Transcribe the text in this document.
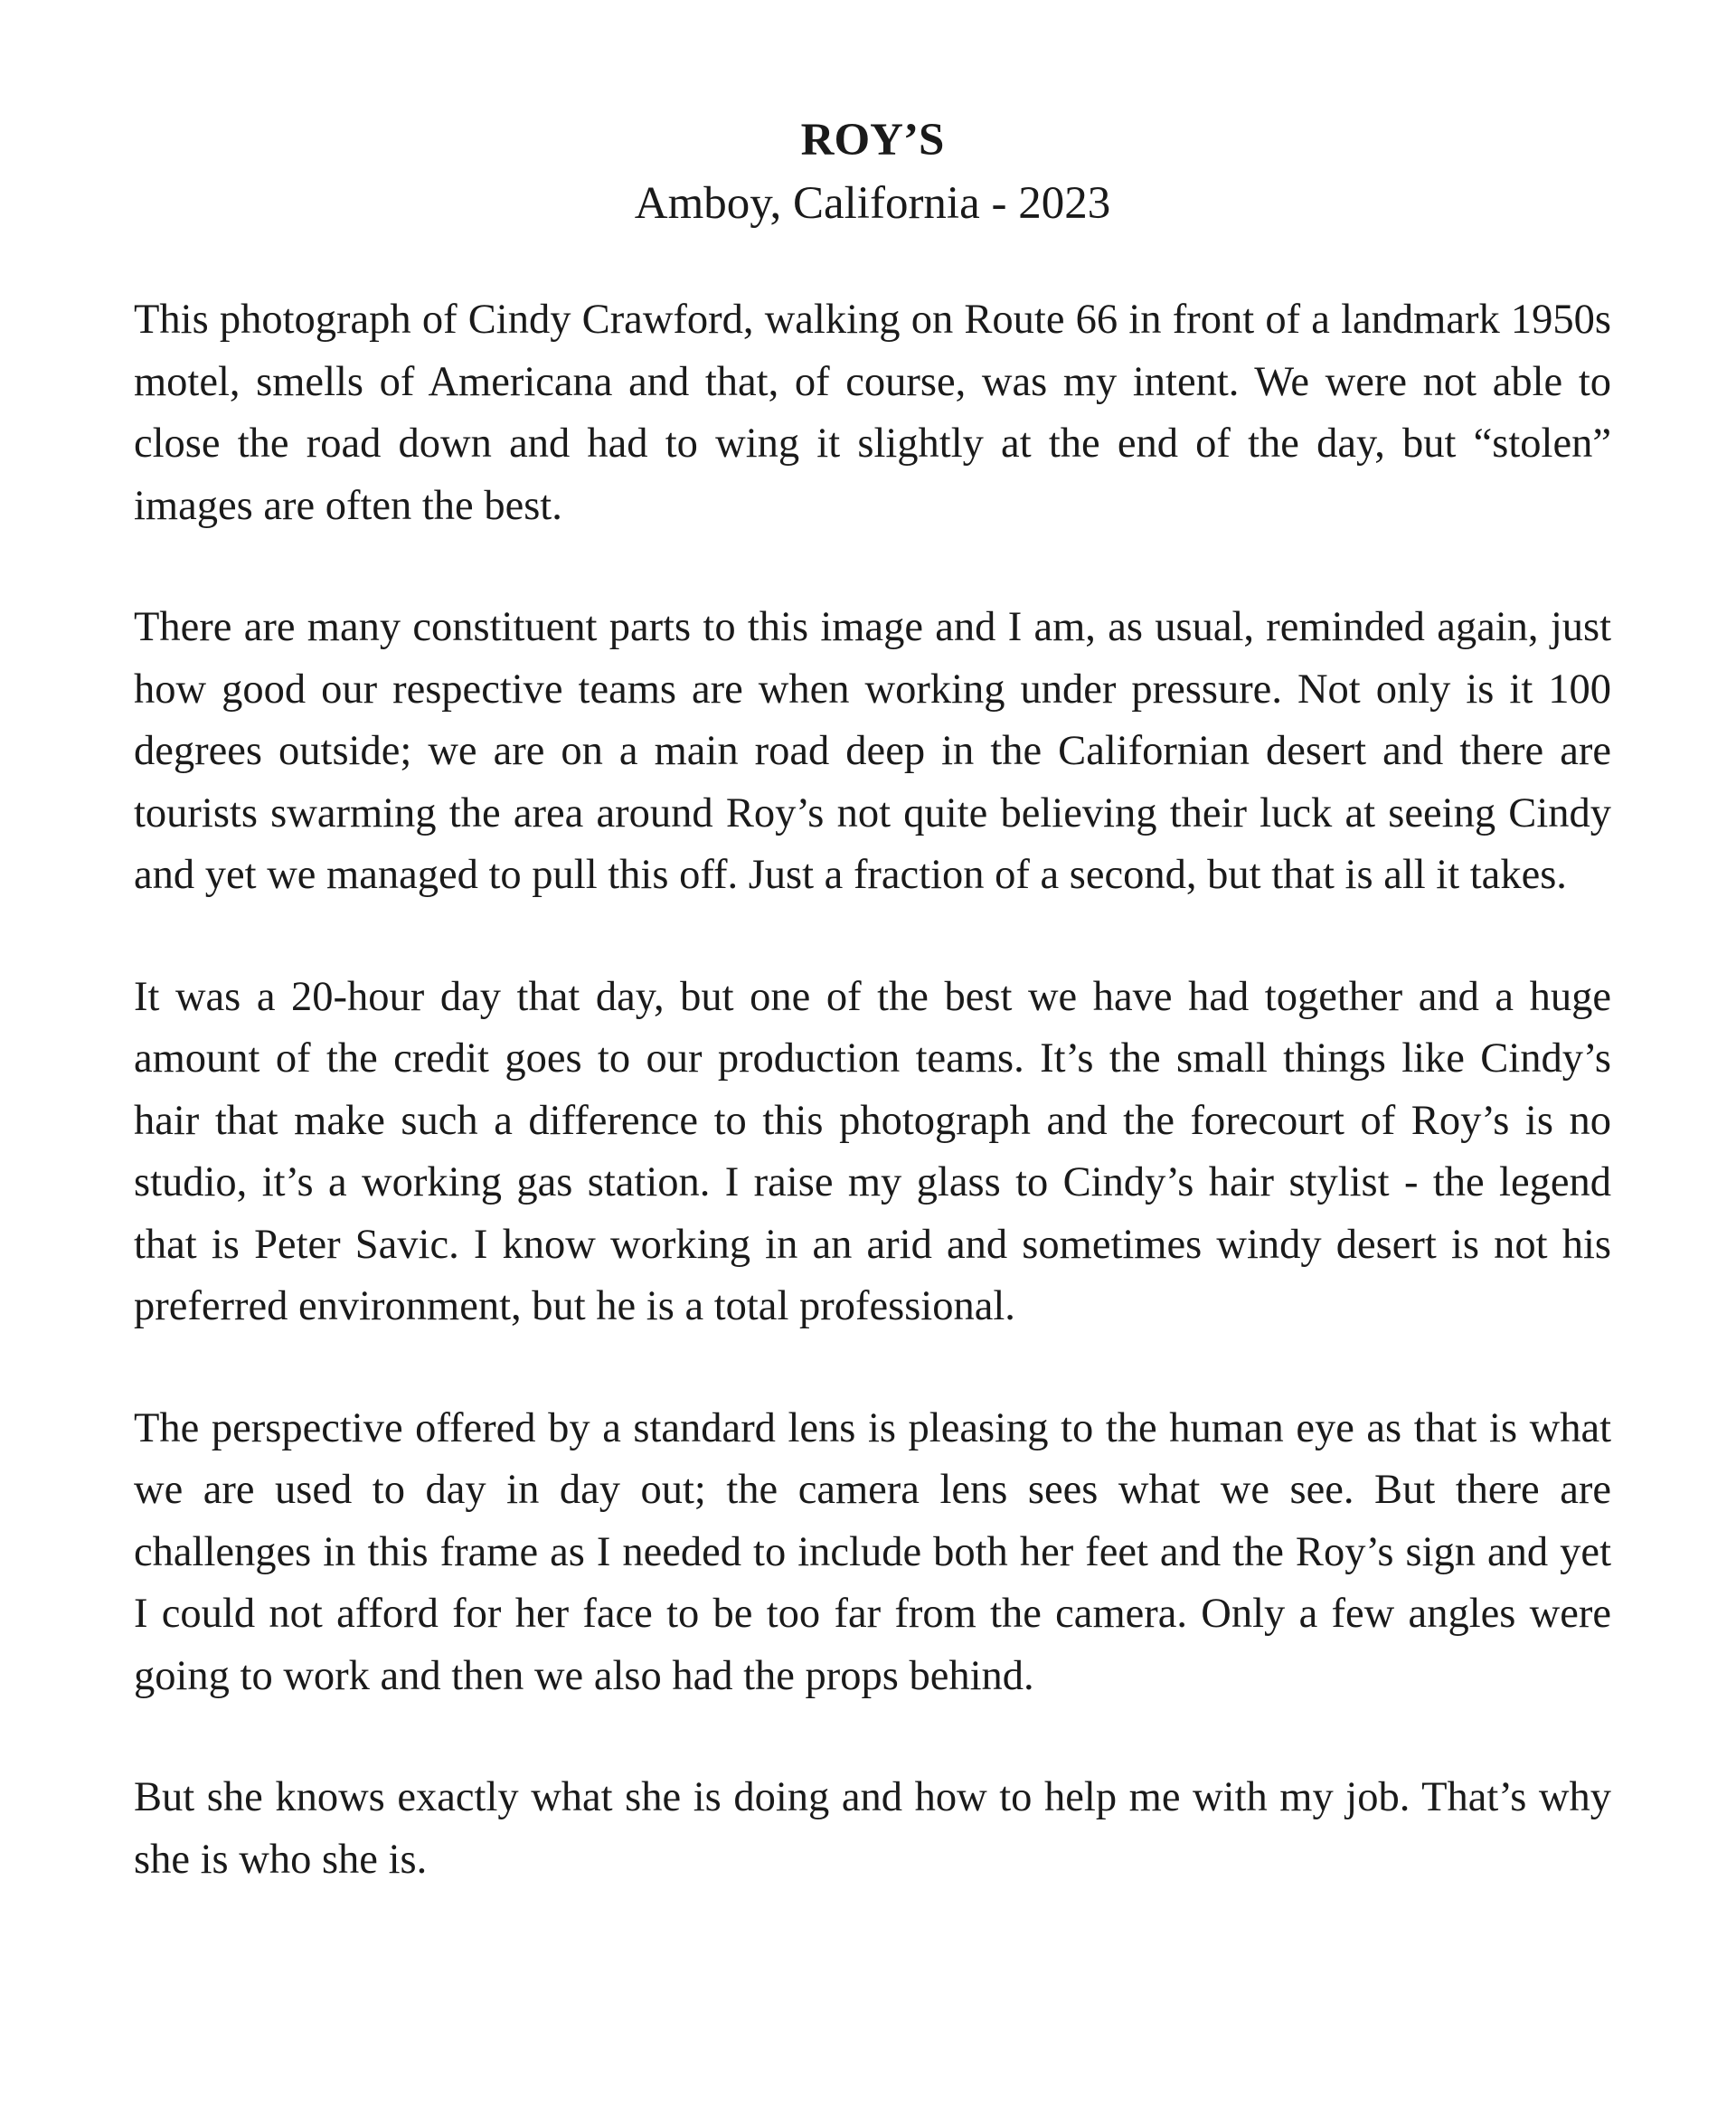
ROY’S

Amboy, California - 2023

This photograph of Cindy Crawford, walking on Route 66 in front of a landmark 1950s motel, smells of Americana and that, of course, was my intent. We were not able to close the road down and had to wing it slightly at the end of the day, but “stolen” images are often the best.

There are many constituent parts to this image and I am, as usual, reminded again, just how good our respective teams are when working under pressure. Not only is it 100 degrees outside; we are on a main road deep in the Californian desert and there are tourists swarming the area around Roy’s not quite believing their luck at seeing Cindy and yet we managed to pull this off. Just a fraction of a second, but that is all it takes.

It was a 20-hour day that day, but one of the best we have had together and a huge amount of the credit goes to our production teams. It’s the small things like Cindy’s hair that make such a difference to this photograph and the forecourt of Roy’s is no studio, it’s a working gas station. I raise my glass to Cindy’s hair stylist - the legend that is Peter Savic. I know working in an arid and sometimes windy desert is not his preferred environment, but he is a total professional.

The perspective offered by a standard lens is pleasing to the human eye as that is what we are used to day in day out; the camera lens sees what we see. But there are challenges in this frame as I needed to include both her feet and the Roy’s sign and yet I could not afford for her face to be too far from the camera. Only a few angles were going to work and then we also had the props behind.

But she knows exactly what she is doing and how to help me with my job. That’s why she is who she is.
